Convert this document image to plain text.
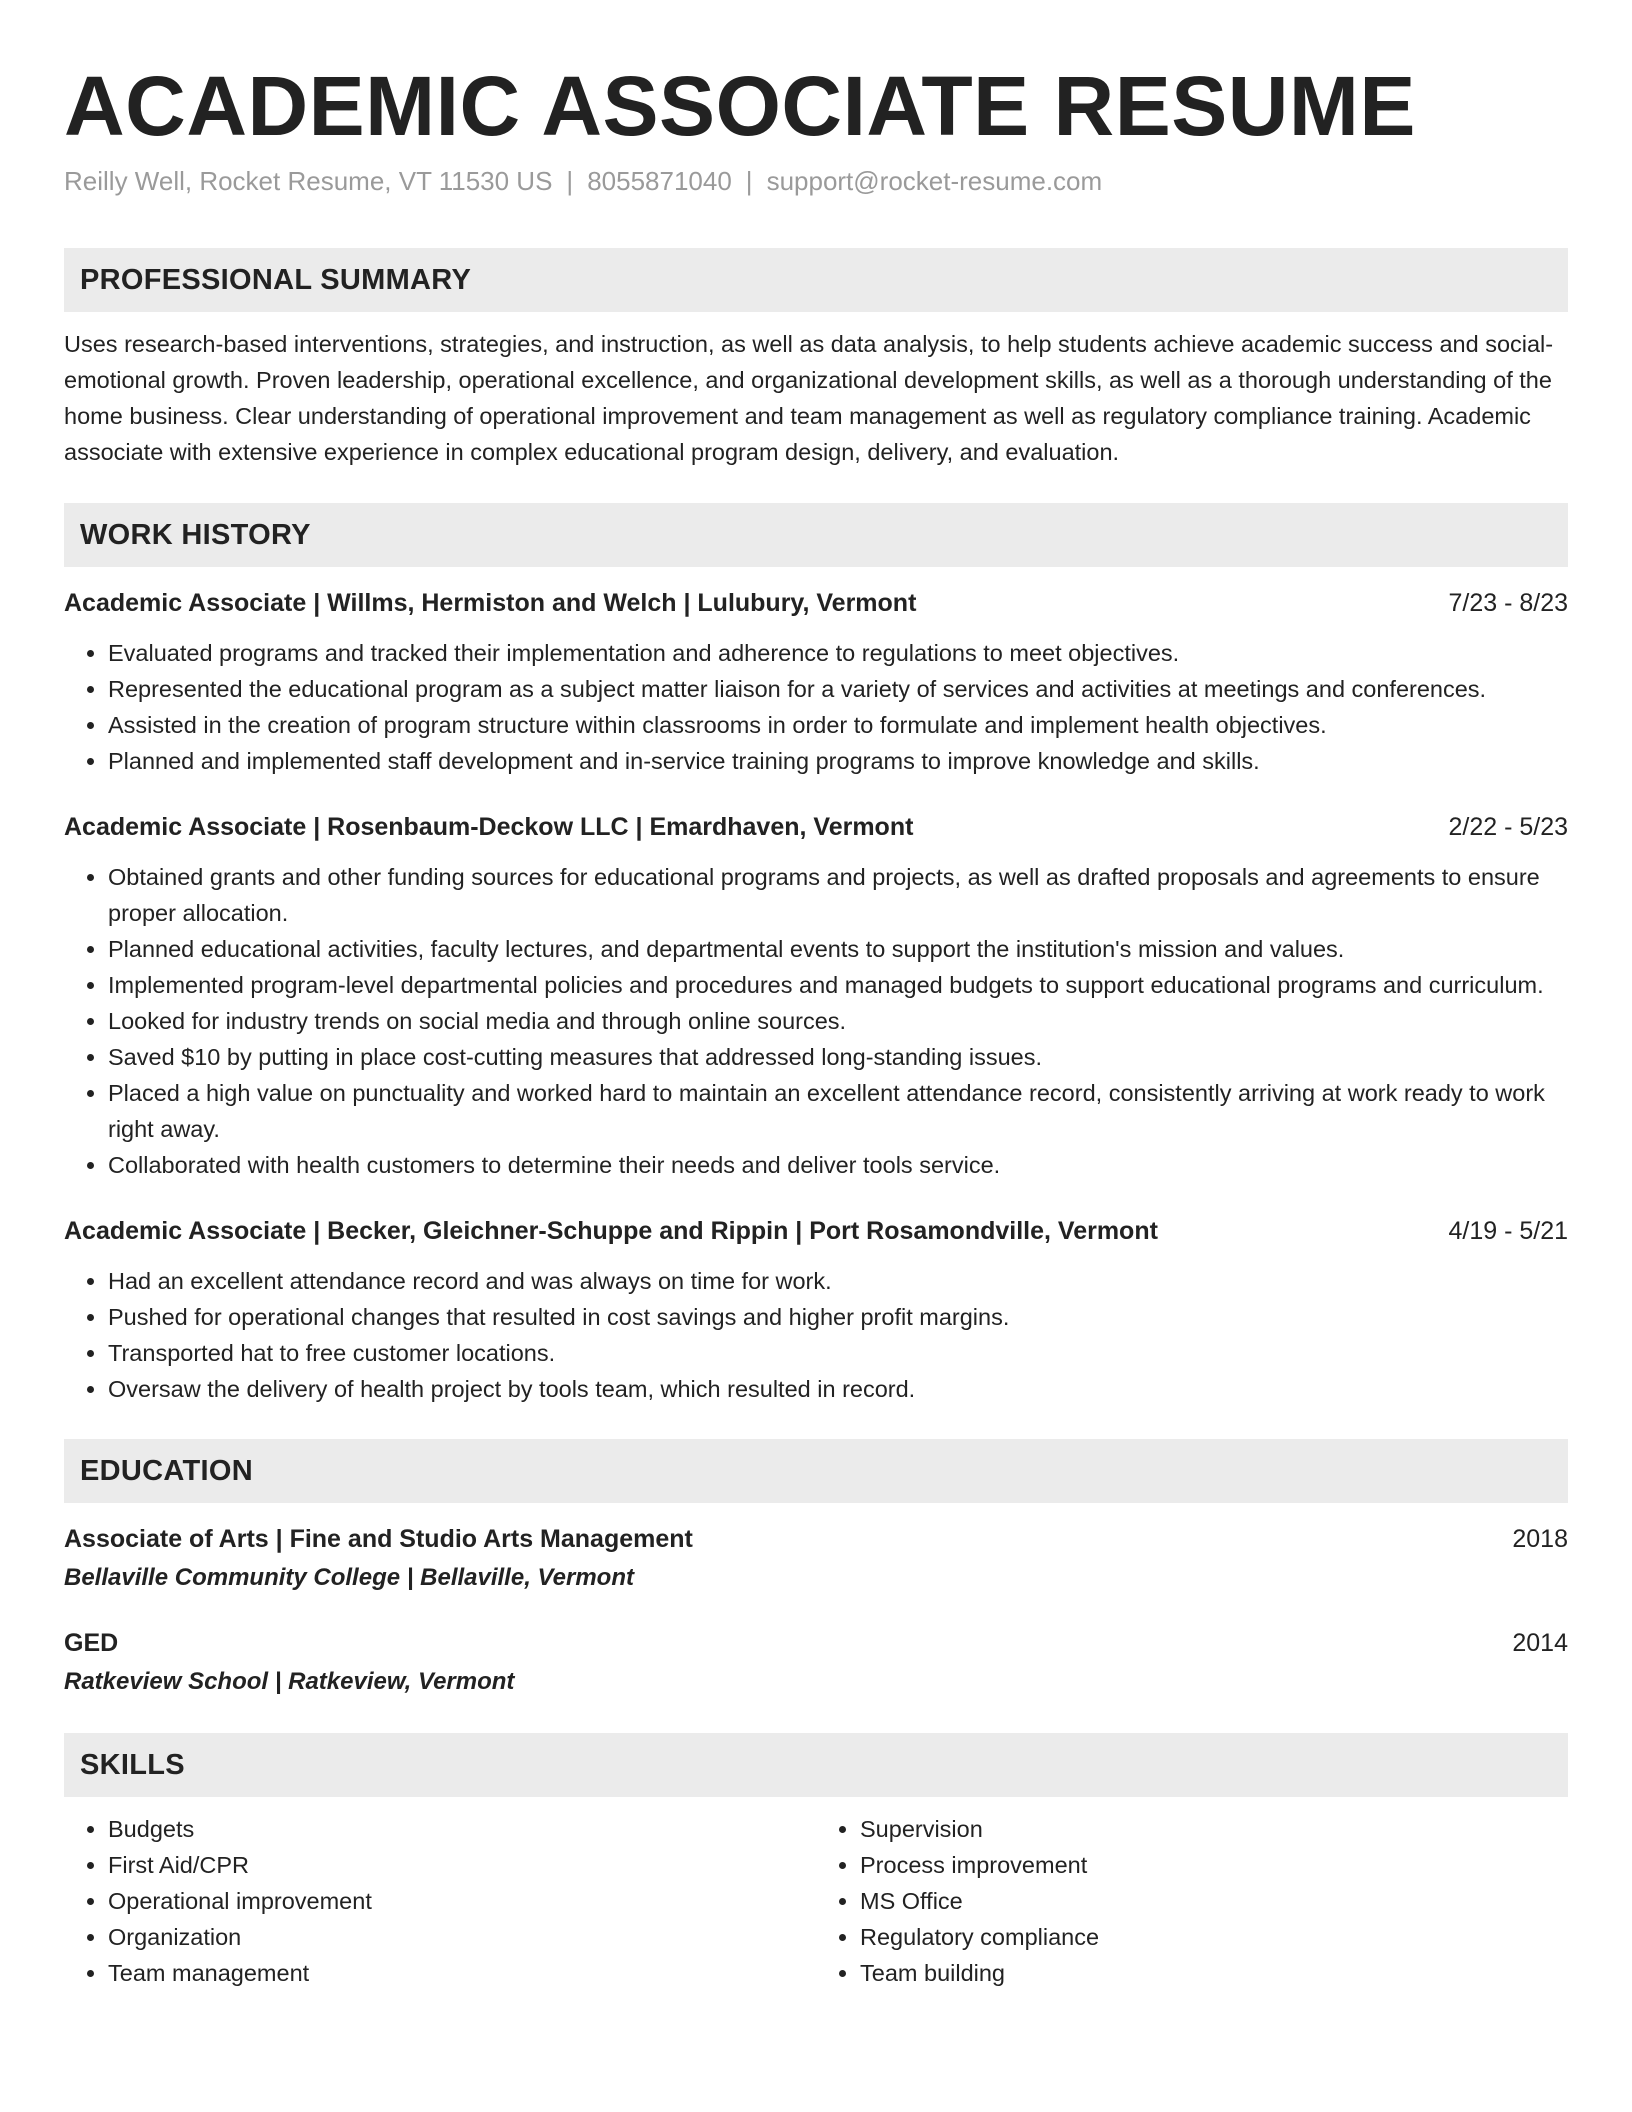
ACADEMIC ASSOCIATE RESUME
Reilly Well, Rocket Resume, VT 11530 US | 8055871040 | support@rocket-resume.com
PROFESSIONAL SUMMARY
Uses research-based interventions, strategies, and instruction, as well as data analysis, to help students achieve academic success and social-emotional growth. Proven leadership, operational excellence, and organizational development skills, as well as a thorough understanding of the home business. Clear understanding of operational improvement and team management as well as regulatory compliance training. Academic associate with extensive experience in complex educational program design, delivery, and evaluation.
WORK HISTORY
Academic Associate | Willms, Hermiston and Welch | Lulubury, Vermont	7/23 - 8/23
• Evaluated programs and tracked their implementation and adherence to regulations to meet objectives.
• Represented the educational program as a subject matter liaison for a variety of services and activities at meetings and conferences.
• Assisted in the creation of program structure within classrooms in order to formulate and implement health objectives.
• Planned and implemented staff development and in-service training programs to improve knowledge and skills.
Academic Associate | Rosenbaum-Deckow LLC | Emardhaven, Vermont	2/22 - 5/23
• Obtained grants and other funding sources for educational programs and projects, as well as drafted proposals and agreements to ensure proper allocation.
• Planned educational activities, faculty lectures, and departmental events to support the institution's mission and values.
• Implemented program-level departmental policies and procedures and managed budgets to support educational programs and curriculum.
• Looked for industry trends on social media and through online sources.
• Saved $10 by putting in place cost-cutting measures that addressed long-standing issues.
• Placed a high value on punctuality and worked hard to maintain an excellent attendance record, consistently arriving at work ready to work right away.
• Collaborated with health customers to determine their needs and deliver tools service.
Academic Associate | Becker, Gleichner-Schuppe and Rippin | Port Rosamondville, Vermont	4/19 - 5/21
• Had an excellent attendance record and was always on time for work.
• Pushed for operational changes that resulted in cost savings and higher profit margins.
• Transported hat to free customer locations.
• Oversaw the delivery of health project by tools team, which resulted in record.
EDUCATION
Associate of Arts | Fine and Studio Arts Management	2018
Bellaville Community College | Bellaville, Vermont
GED	2014
Ratkeview School | Ratkeview, Vermont
SKILLS
• Budgets
• First Aid/CPR
• Operational improvement
• Organization
• Team management
• Supervision
• Process improvement
• MS Office
• Regulatory compliance
• Team building
